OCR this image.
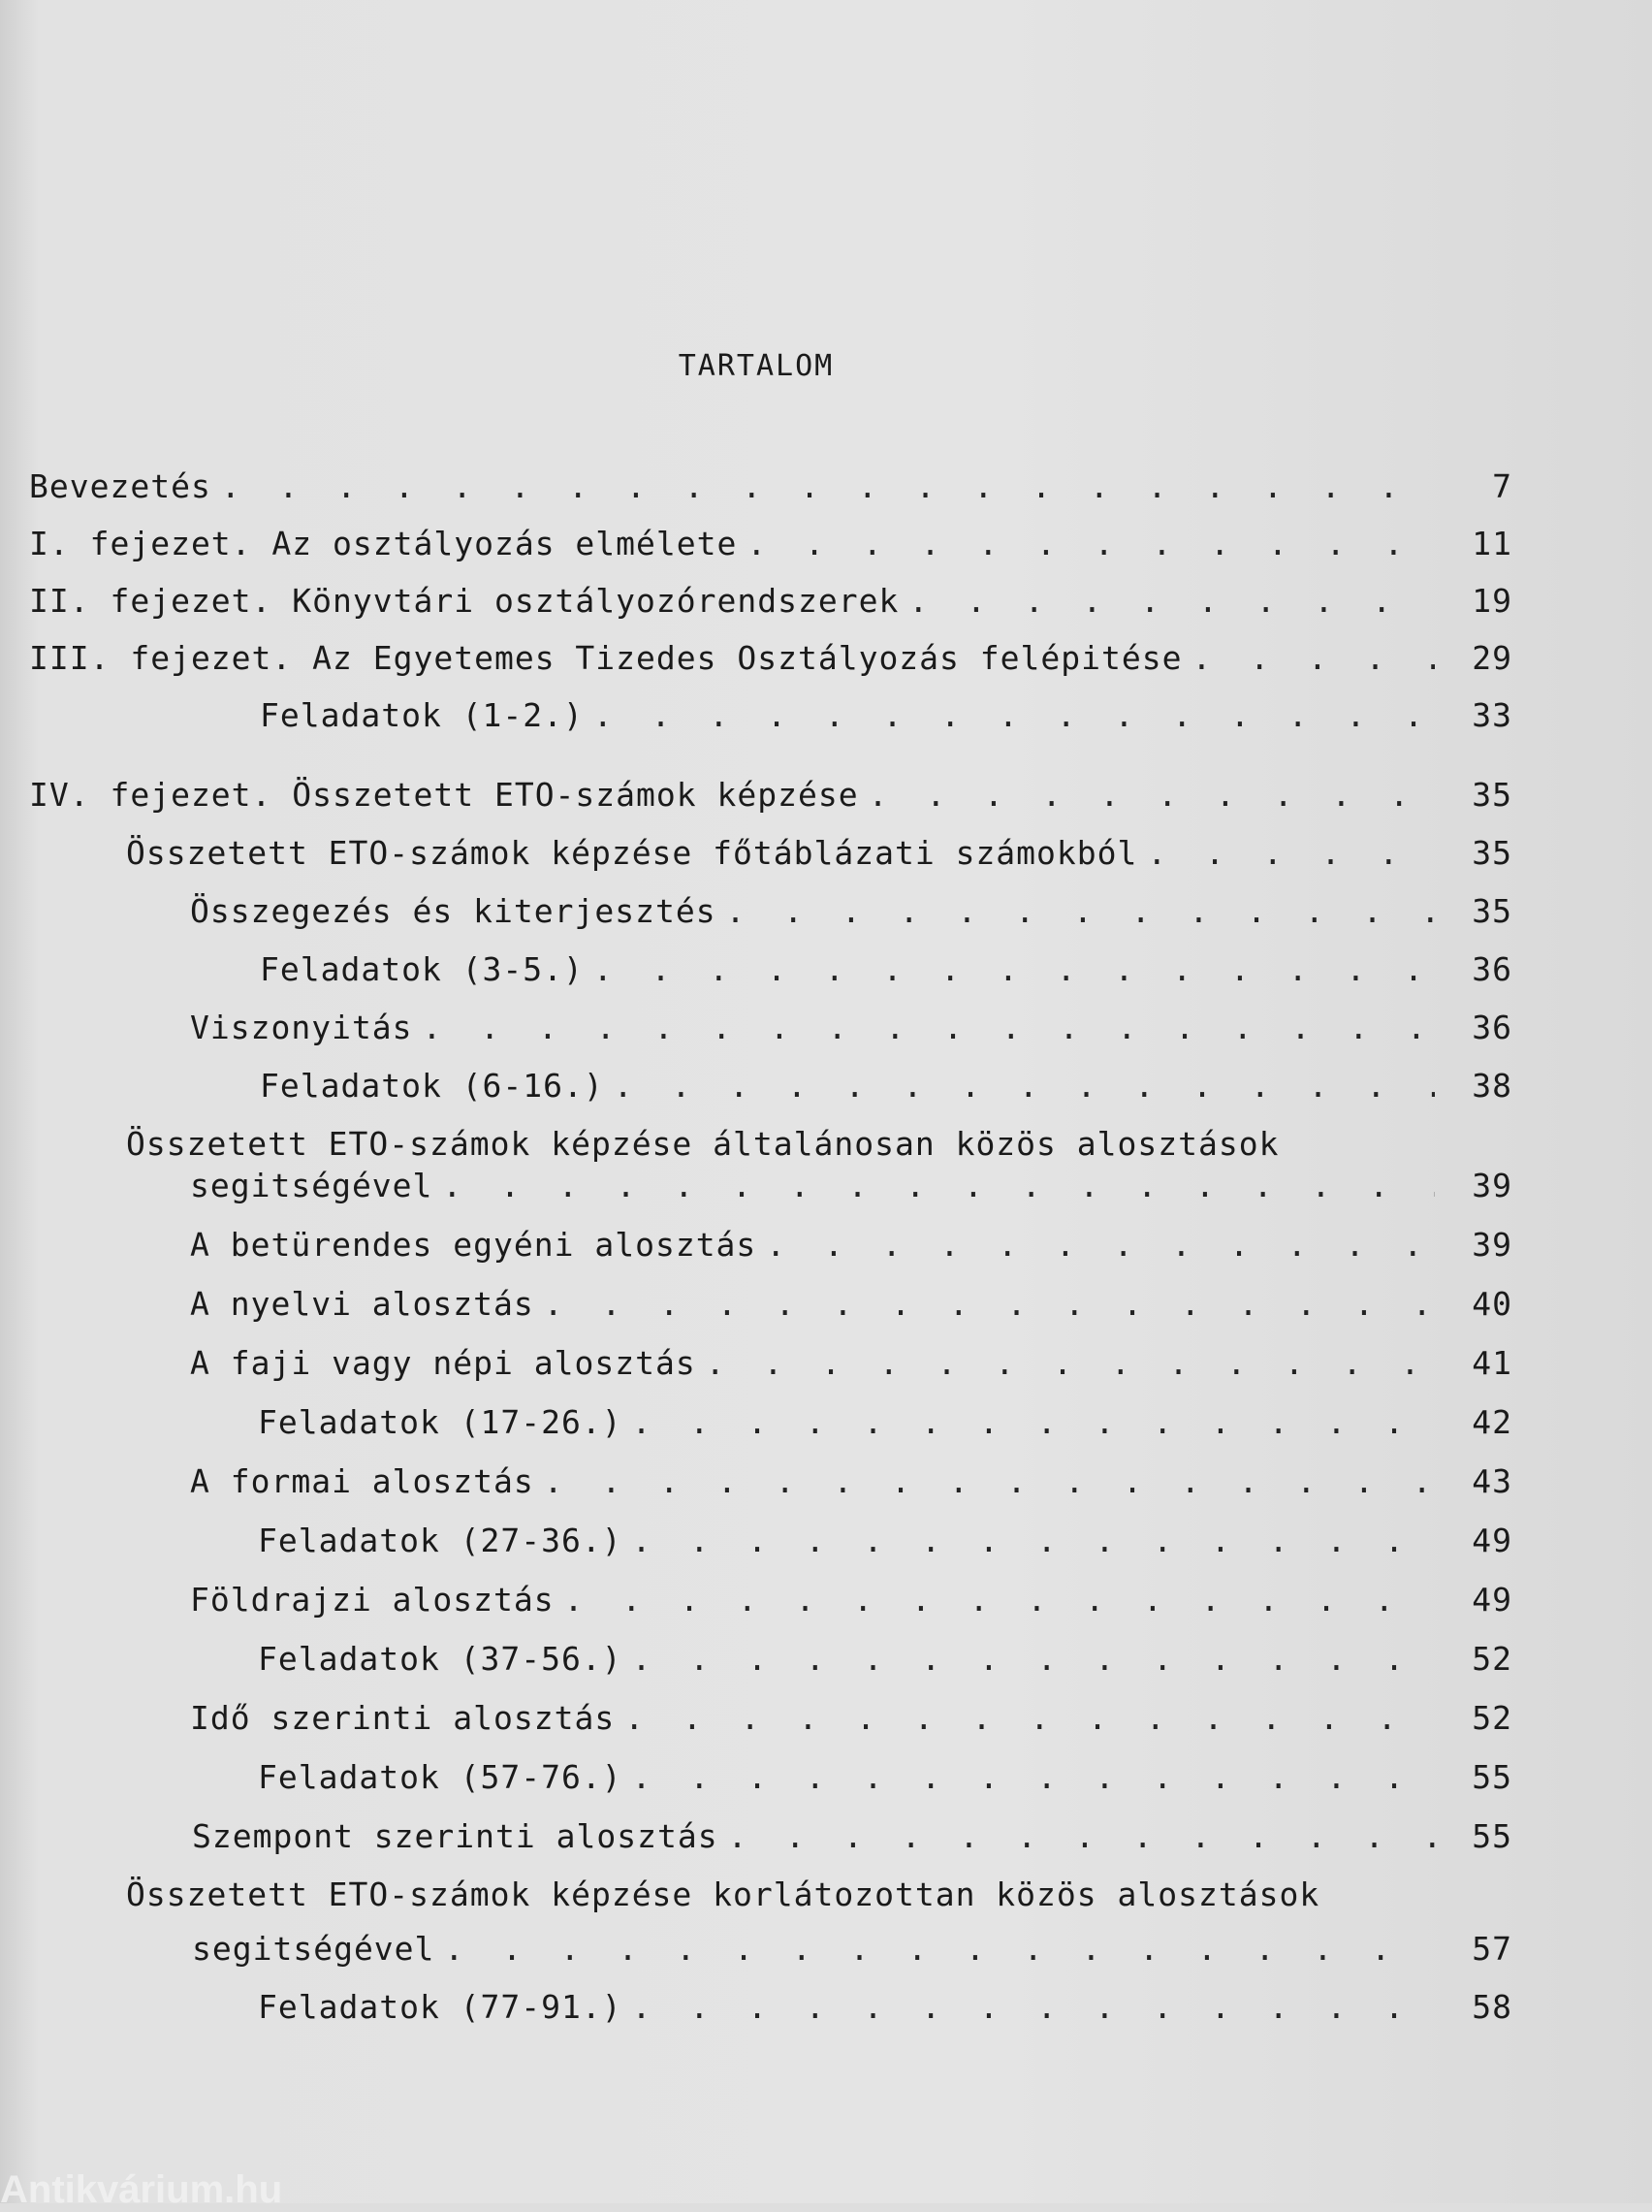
TARTALOM
Bevezetés . . .	7
I. fejezet. Az osztályozás elmélete . . .	11
II. fejezet. Könyvtári osztályozórendszerek . . .	19
III. fejezet. Az Egyetemes Tizedes Osztályozás felépitése . . .	29
Feladatok (1-2.) . . .	33
IV. fejezet. Összetett ETO-számok képzése . . .	35
Összetett ETO-számok képzése főtáblázati számokból . . .	35
Összegezés és kiterjesztés . . .	35
Feladatok (3-5.) . . .	36
Viszonyitás . . .	36
Feladatok (6-16.) . . .	38
Összetett ETO-számok képzése általánosan közös alosztások
segitségével . . .	39
A betürendes egyéni alosztás . . .	39
A nyelvi alosztás . . .	40
A faji vagy népi alosztás . . .	41
Feladatok (17-26.) . . .	42
A formai alosztás . . .	43
Feladatok (27-36.) . . .	49
Földrajzi alosztás . . .	49
Feladatok (37-56.) . . .	52
Idő szerinti alosztás . . .	52
Feladatok (57-76.) . . .	55
Szempont szerinti alosztás . . .	55
Összetett ETO-számok képzése korlátozottan közös alosztások
segitségével . . .	57
Feladatok (77-91.) . . .	58
Antikvárium.hu
